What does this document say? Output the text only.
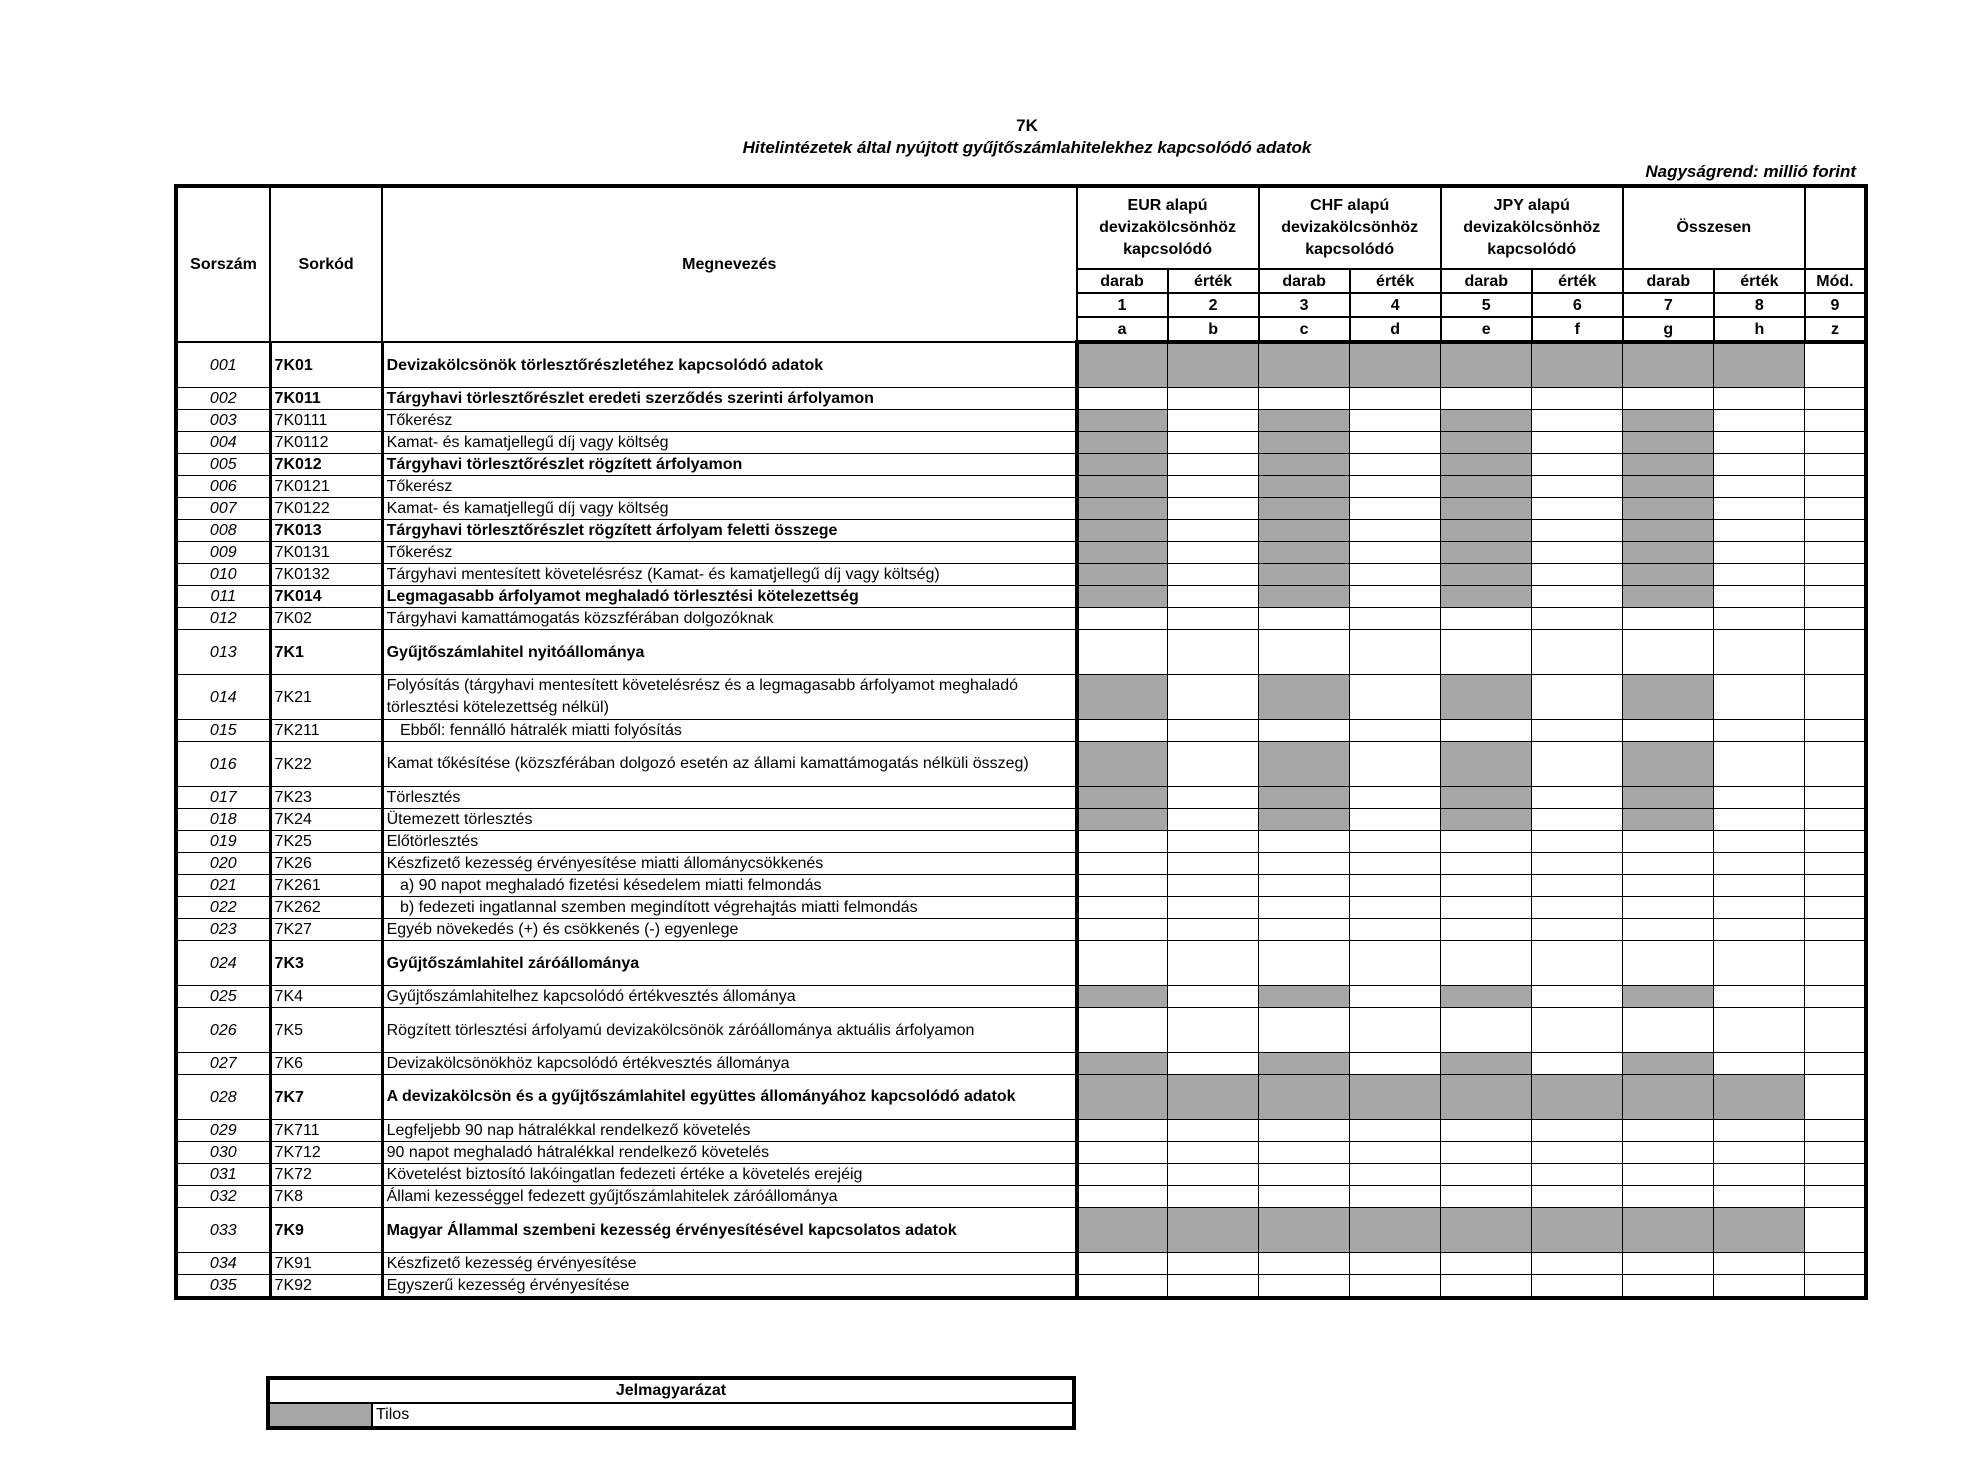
7K
Hitelintézetek által nyújtott gyűjtőszámlahitelekhez kapcsolódó adatok
Nagyságrend: millió forint
Sorszám	Sorkód	Megnevezés	EUR alapú devizakölcsönhöz kapcsolódó		CHF alapú devizakölcsönhöz kapcsolódó		JPY alapú devizakölcsönhöz kapcsolódó		Összesen		
			darab	érték	darab	érték	darab	érték	darab	érték	Mód.
			1	2	3	4	5	6	7	8	9
			a	b	c	d	e	f	g	h	z
001	7K01	Devizakölcsönök törlesztőrészletéhez kapcsolódó adatok									
002	7K011	Tárgyhavi törlesztőrészlet eredeti szerződés szerinti árfolyamon									
003	7K0111	Tőkerész									
004	7K0112	Kamat- és kamatjellegű díj vagy költség									
005	7K012	Tárgyhavi törlesztőrészlet rögzített árfolyamon									
006	7K0121	Tőkerész									
007	7K0122	Kamat- és kamatjellegű díj vagy költség									
008	7K013	Tárgyhavi törlesztőrészlet rögzített árfolyam feletti összege									
009	7K0131	Tőkerész									
010	7K0132	Tárgyhavi mentesített követelésrész (Kamat- és kamatjellegű díj vagy költség)									
011	7K014	Legmagasabb árfolyamot meghaladó törlesztési kötelezettség									
012	7K02	Tárgyhavi kamattámogatás közszférában dolgozóknak									
013	7K1	Gyűjtőszámlahitel nyitóállománya									
014	7K21	Folyósítás (tárgyhavi mentesített követelésrész és a legmagasabb árfolyamot meghaladó törlesztési kötelezettség nélkül)									
015	7K211	Ebből: fennálló hátralék miatti folyósítás									
016	7K22	Kamat tőkésítése (közszférában dolgozó esetén az állami kamattámogatás nélküli összeg)									
017	7K23	Törlesztés									
018	7K24	Ütemezett törlesztés									
019	7K25	Előtörlesztés									
020	7K26	Készfizető kezesség érvényesítése miatti állománycsökkenés									
021	7K261	a) 90 napot meghaladó fizetési késedelem miatti felmondás									
022	7K262	b) fedezeti ingatlannal szemben megindított végrehajtás miatti felmondás									
023	7K27	Egyéb növekedés (+) és csökkenés (-) egyenlege									
024	7K3	Gyűjtőszámlahitel záróállománya									
025	7K4	Gyűjtőszámlahitelhez kapcsolódó értékvesztés állománya									
026	7K5	Rögzített törlesztési árfolyamú devizakölcsönök záróállománya aktuális árfolyamon									
027	7K6	Devizakölcsönökhöz kapcsolódó értékvesztés állománya									
028	7K7	A devizakölcsön és a gyűjtőszámlahitel együttes állományához kapcsolódó adatok									
029	7K711	Legfeljebb 90 nap hátralékkal rendelkező követelés									
030	7K712	90 napot meghaladó hátralékkal rendelkező követelés									
031	7K72	Követelést biztosító lakóingatlan fedezeti értéke a követelés erejéig									
032	7K8	Állami kezességgel fedezett gyűjtőszámlahitelek záróállománya									
033	7K9	Magyar Állammal szembeni kezesség érvényesítésével kapcsolatos adatok									
034	7K91	Készfizető kezesség érvényesítése									
035	7K92	Egyszerű kezesség érvényesítése									
Jelmagyarázat
	Tilos
